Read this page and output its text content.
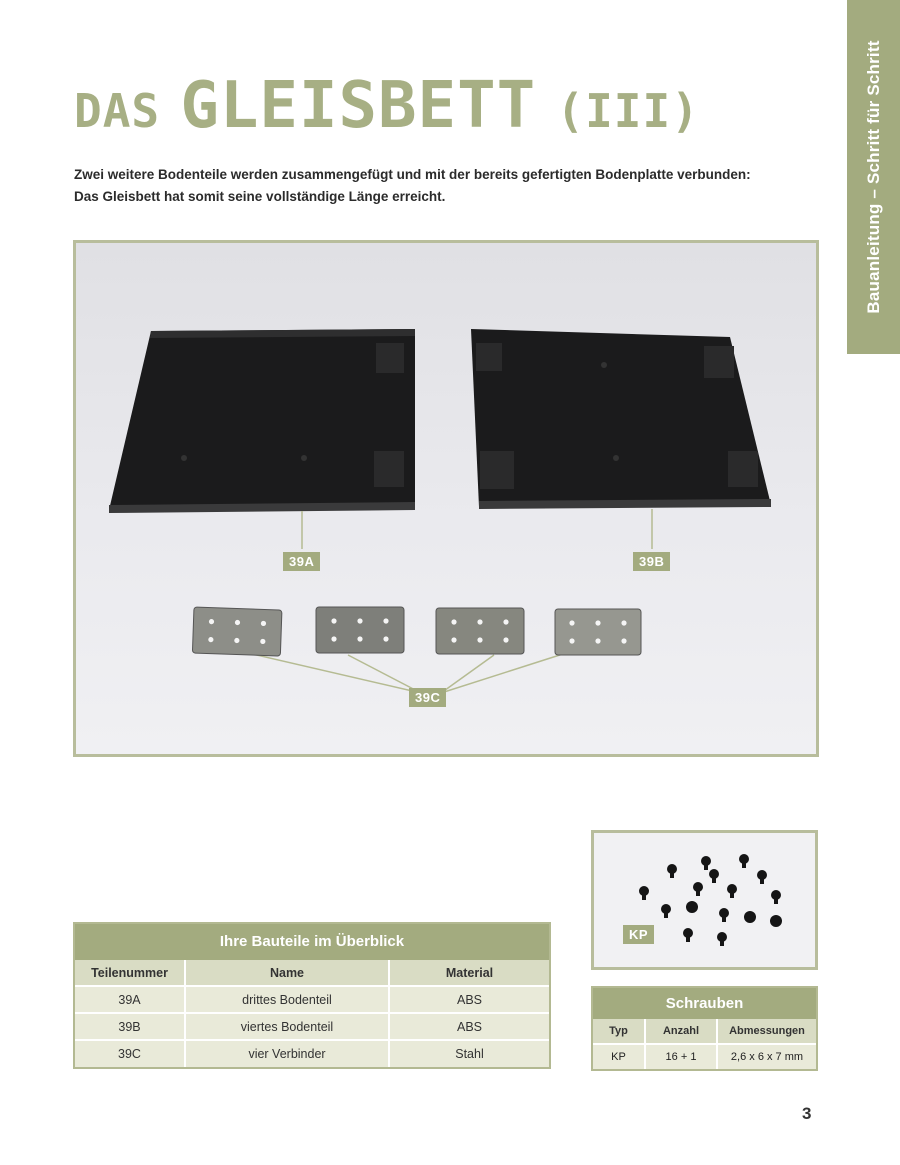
Bauanleitung – Schritt für Schritt
DAS GLEISBETT (III)
Zwei weitere Bodenteile werden zusammengefügt und mit der bereits gefertigten Bodenplatte verbunden:
Das Gleisbett hat somit seine vollständige Länge erreicht.
39A	39B
39C
KP
Ihre Bauteile im Überblick
Teilenummer	Name	Material
39A	drittes Bodenteil	ABS
39B	viertes Bodenteil	ABS
39C	vier Verbinder	Stahl
Schrauben
Typ	Anzahl	Abmessungen
KP	16 + 1	2,6 x 6 x 7 mm
3
